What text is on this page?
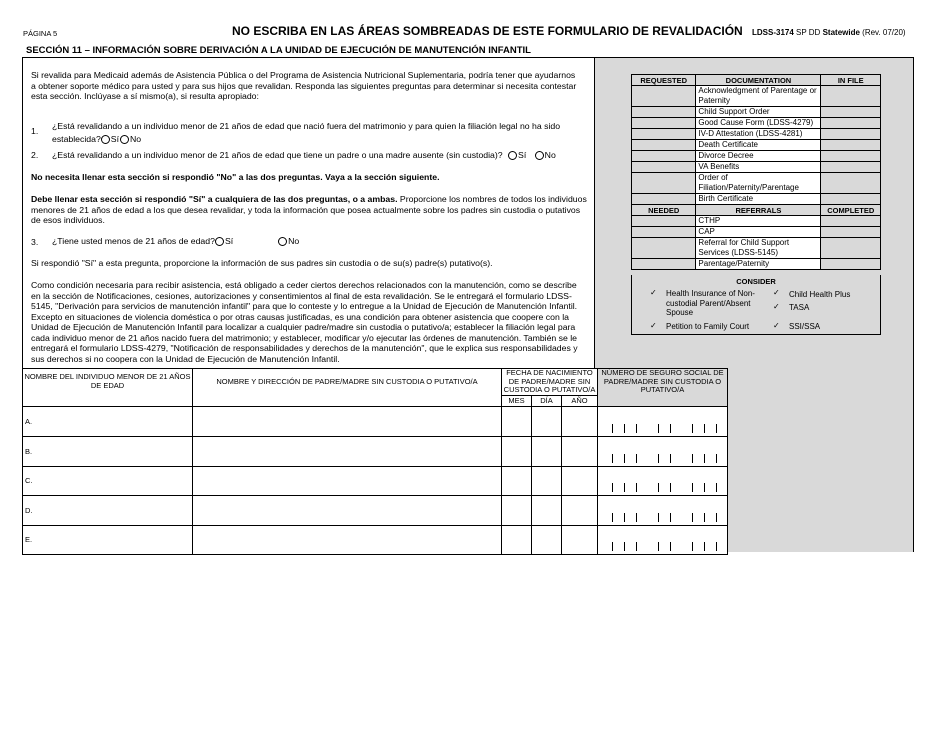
PÁGINA 5	NO ESCRIBA EN LAS ÁREAS SOMBREADAS DE ESTE FORMULARIO DE REVALIDACIÓN LDSS-3174 SP DD Statewide (Rev. 07/20)
SECCIÓN 11 – INFORMACIÓN SOBRE DERIVACIÓN A LA UNIDAD DE EJECUCIÓN DE MANUTENCIÓN INFANTIL
Si revalida para Medicaid además de Asistencia Pública o del Programa de Asistencia Nutricional Suplementaria, podría tener que ayudarnos
a obtener soporte médico para usted y para sus hijos que revalidan. Responda las siguientes preguntas para determinar si necesita contestar
esta sección. Inclúyase a sí mismo(a), si resulta apropiado:
1. ¿Está revalidando a un individuo menor de 21 años de edad que nació fuera del matrimonio y para quien la filiación legal no ha sido
establecida? Sí No
2. ¿Está revalidando a un individuo menor de 21 años de edad que tiene un padre o una madre ausente (sin custodia)? Sí No
No necesita llenar esta sección si respondió "No" a las dos preguntas. Vaya a la sección siguiente.
Debe llenar esta sección si respondió "Sí" a cualquiera de las dos preguntas, o a ambas. Proporcione los nombres de todos los individuos
menores de 21 años de edad a los que desea revalidar, y toda la información que posea actualmente sobre los padres sin custodia o putativos
de esos individuos.
3. ¿Tiene usted menos de 21 años de edad? Sí	No
Si respondió "Sí" a esta pregunta, proporcione la información de sus padres sin custodia o de su(s) padre(s) putativo(s).
Como condición necesaria para recibir asistencia, está obligado a ceder ciertos derechos relacionados con la manutención, como se describe
en la sección de Notificaciones, cesiones, autorizaciones y consentimientos al final de esta revalidación. Se le entregará el formulario LDSS-
5145, "Derivación para servicios de manutención infantil" para que lo conteste y lo entregue a la Unidad de Ejecución de Manutención Infantil.
Excepto en situaciones de violencia doméstica o por otras causas justificadas, es una condición para obtener asistencia que coopere con la
Unidad de Ejecución de Manutención Infantil para localizar a cualquier padre/madre sin custodia o putativo/a; establecer la filiación legal para
cada individuo menor de 21 años nacido fuera del matrimonio; y establecer, modificar y/o ejecutar las órdenes de manutención. También se le
entregará el formulario LDSS-4279, "Notificación de responsabilidades y derechos de la manutención", que le explica sus responsabilidades y
sus derechos si no coopera con la Unidad de Ejecución de Manutención Infantil.
REQUESTED	DOCUMENTATION	IN FILE
	Acknowledgment of Parentage or Paternity	
	Child Support Order	
	Good Cause Form (LDSS-4279)	
	IV-D Attestation (LDSS-4281)	
	Death Certificate	
	Divorce Decree	
	VA Benefits	
	Order of Filiation/Paternity/Parentage	
	Birth Certificate	
NEEDED	REFERRALS	COMPLETED
	CTHP	
	CAP	
	Referral for Child Support Services (LDSS-5145)	
	Parentage/Paternity	
CONSIDER
✓ Health Insurance of Non-custodial Parent/Absent Spouse
✓ Child Health Plus
✓ TASA
✓ Petition to Family Court	✓ SSI/SSA
NOMBRE DEL INDIVIDUO MENOR DE 21 AÑOS DE EDAD	NOMBRE Y DIRECCIÓN DE PADRE/MADRE SIN CUSTODIA O PUTATIVO/A	FECHA DE NACIMIENTO DE PADRE/MADRE SIN CUSTODIA O PUTATIVO/A			NÚMERO DE SEGURO SOCIAL DE PADRE/MADRE SIN CUSTODIA O PUTATIVO/A
		MES	DÍA	AÑO	
A.					

B.					

C.					

D.					

E.					
